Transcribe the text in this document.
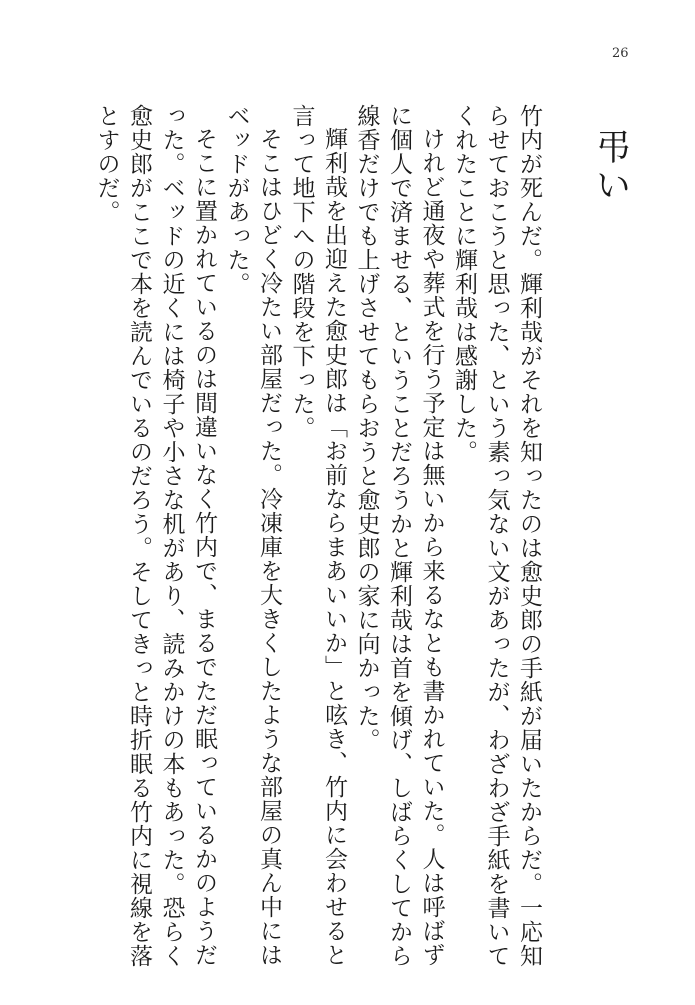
26
弔い

竹内が死んだ。輝利哉がそれを知ったのは愈史郎の手紙が届いたからだ。一応知らせておこうと思った、という素っ気ない文があったが、わざわざ手紙を書いてくれたことに輝利哉は感謝した。

けれど通夜や葬式を行う予定は無いから来るなとも書かれていた。人は呼ばずに個人で済ませる、ということだろうかと輝利哉は首を傾げ、しばらくしてから線香だけでも上げさせてもらおうと愈史郎の家に向かった。

輝利哉を出迎えた愈史郎は「お前ならまあいいか」と呟き、竹内に会わせると言って地下への階段を下った。

そこはひどく冷たい部屋だった。冷凍庫を大きくしたような部屋の真ん中にはベッドがあった。

そこに置かれているのは間違いなく竹内で、まるでただ眠っているかのようだった。ベッドの近くには椅子や小さな机があり、読みかけの本もあった。恐らく愈史郎がここで本を読んでいるのだろう。そしてきっと時折眠る竹内に視線を落とすのだ。
